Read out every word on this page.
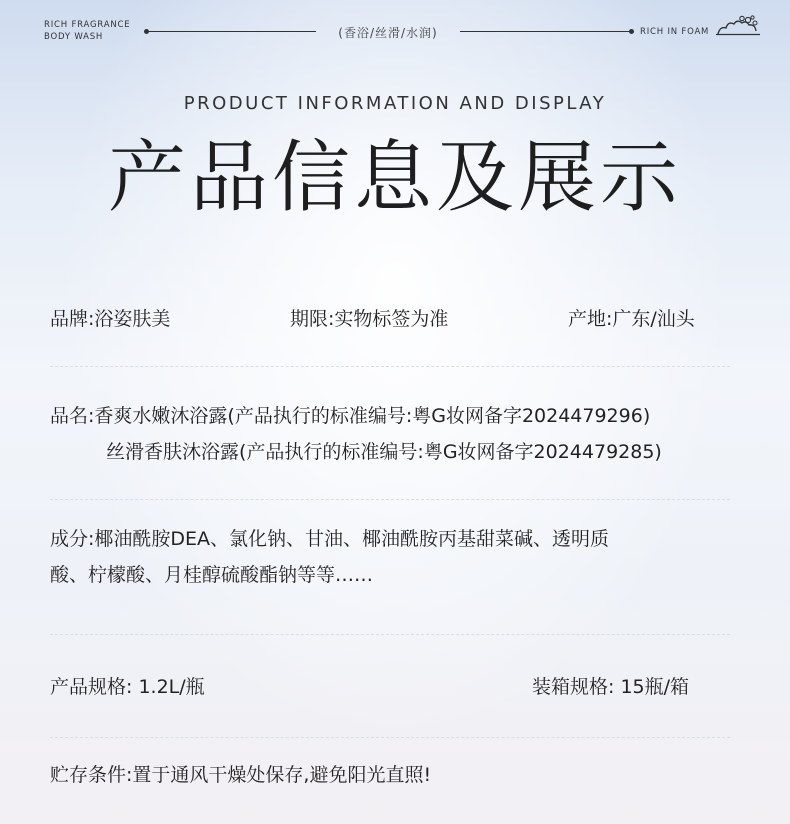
RICH FRAGRANCE
BODY WASH	(香浴/丝滑/水润)	RICH IN FOAM
PRODUCT INFORMATION AND DISPLAY
产品信息及展示
品牌:浴姿肤美	期限:实物标签为准	产地:广东/汕头
品名:香爽水嫩沐浴露(产品执行的标准编号:粤G妆网备字2024479296)
丝滑香肤沐浴露(产品执行的标准编号:粤G妆网备字2024479285)
成分:椰油酰胺DEA、氯化钠、甘油、椰油酰胺丙基甜菜碱、透明质
酸、柠檬酸、月桂醇硫酸酯钠等等……
产品规格: 1.2L/瓶	装箱规格: 15瓶/箱
贮存条件:置于通风干燥处保存,避免阳光直照!
